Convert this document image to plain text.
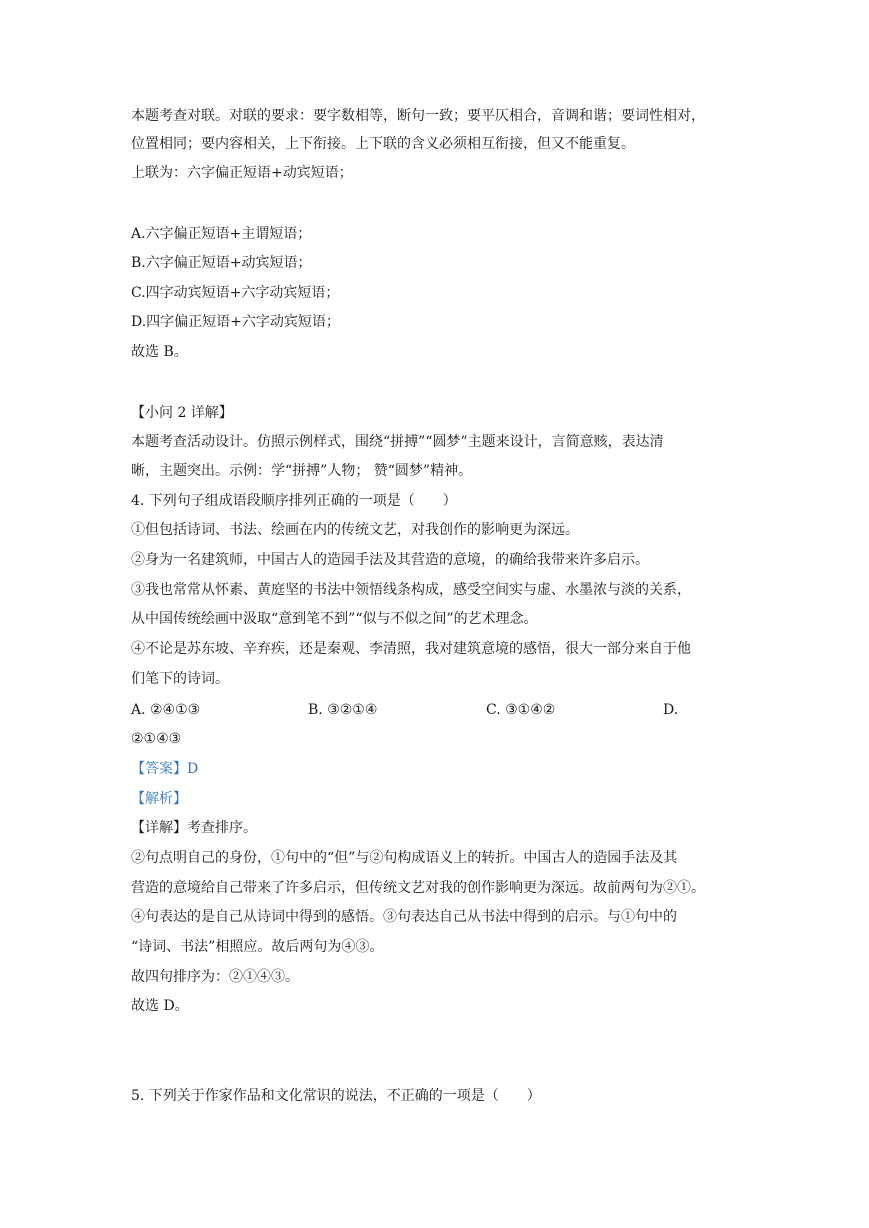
本题考查对联。对联的要求：要字数相等，断句一致；要平仄相合，音调和谐；要词性相对，
位置相同；要内容相关，上下衔接。上下联的含义必须相互衔接，但又不能重复。
上联为：六字偏正短语+动宾短语；
A.六字偏正短语+主谓短语；
B.六字偏正短语+动宾短语；
C.四字动宾短语+六字动宾短语；
D.四字偏正短语+六字动宾短语；
故选 B。
【小问 2 详解】
本题考查活动设计。仿照示例样式，围绕“拼搏”“圆梦”主题来设计，言简意赅，表达清
晰，主题突出。示例：学“拼搏”人物； 赞“圆梦”精神。
4. 下列句子组成语段顺序排列正确的一项是（　　）
①但包括诗词、书法、绘画在内的传统文艺，对我创作的影响更为深远。
②身为一名建筑师，中国古人的造园手法及其营造的意境，的确给我带来许多启示。
③我也常常从怀素、黄庭坚的书法中领悟线条构成，感受空间实与虚、水墨浓与淡的关系，
从中国传统绘画中汲取“意到笔不到”“似与不似之间”的艺术理念。
④不论是苏东坡、辛弃疾，还是秦观、李清照，我对建筑意境的感悟，很大一部分来自于他
们笔下的诗词。
A. ②④①③	B. ③②①④	C. ③①④②	D.
②①④③
【答案】D
【解析】
【详解】考查排序。
②句点明自己的身份，①句中的“但”与②句构成语义上的转折。中国古人的造园手法及其
营造的意境给自己带来了许多启示，但传统文艺对我的创作影响更为深远。故前两句为②①。
④句表达的是自己从诗词中得到的感悟。③句表达自己从书法中得到的启示。与①句中的
“诗词、书法”相照应。故后两句为④③。
故四句排序为：②①④③。
故选 D。
5. 下列关于作家作品和文化常识的说法，不正确的一项是（　　）
